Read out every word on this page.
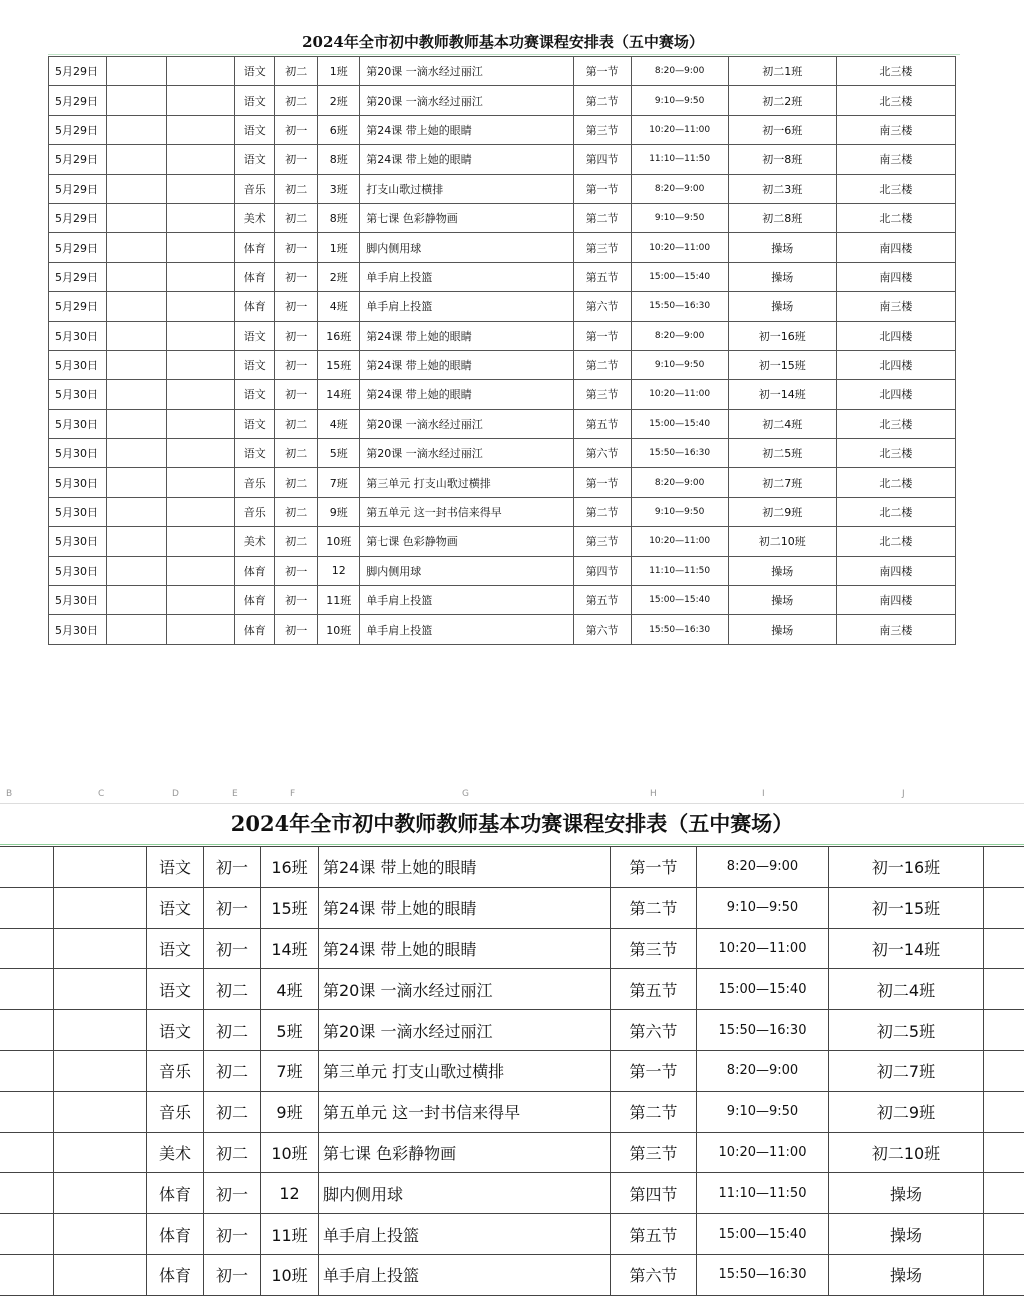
2024年全市初中教师教师基本功赛课程安排表（五中赛场）
5月29日			语文	初二	1班	第20课 一滴水经过丽江	第一节	8:20—9:00	初二1班	北三楼
5月29日			语文	初二	2班	第20课 一滴水经过丽江	第二节	9:10—9:50	初二2班	北三楼
5月29日			语文	初一	6班	第24课 带上她的眼睛	第三节	10:20—11:00	初一6班	南三楼
5月29日			语文	初一	8班	第24课 带上她的眼睛	第四节	11:10—11:50	初一8班	南三楼
5月29日			音乐	初二	3班	打支山歌过横排	第一节	8:20—9:00	初二3班	北三楼
5月29日			美术	初二	8班	第七课 色彩静物画	第二节	9:10—9:50	初二8班	北二楼
5月29日			体育	初一	1班	脚内侧用球	第三节	10:20—11:00	操场	南四楼
5月29日			体育	初一	2班	单手肩上投篮	第五节	15:00—15:40	操场	南四楼
5月29日			体育	初一	4班	单手肩上投篮	第六节	15:50—16:30	操场	南三楼
5月30日			语文	初一	16班	第24课 带上她的眼睛	第一节	8:20—9:00	初一16班	北四楼
5月30日			语文	初一	15班	第24课 带上她的眼睛	第二节	9:10—9:50	初一15班	北四楼
5月30日			语文	初一	14班	第24课 带上她的眼睛	第三节	10:20—11:00	初一14班	北四楼
5月30日			语文	初二	4班	第20课 一滴水经过丽江	第五节	15:00—15:40	初二4班	北三楼
5月30日			语文	初二	5班	第20课 一滴水经过丽江	第六节	15:50—16:30	初二5班	北三楼
5月30日			音乐	初二	7班	第三单元 打支山歌过横排	第一节	8:20—9:00	初二7班	北二楼
5月30日			音乐	初二	9班	第五单元 这一封书信来得早	第二节	9:10—9:50	初二9班	北二楼
5月30日			美术	初二	10班	第七课 色彩静物画	第三节	10:20—11:00	初二10班	北二楼
5月30日			体育	初一	12	脚内侧用球	第四节	11:10—11:50	操场	南四楼
5月30日			体育	初一	11班	单手肩上投篮	第五节	15:00—15:40	操场	南四楼
5月30日			体育	初一	10班	单手肩上投篮	第六节	15:50—16:30	操场	南三楼
B	C	D	E	F	G	H	I	J
2024年全市初中教师教师基本功赛课程安排表（五中赛场）
		语文	初一	16班	第24课 带上她的眼睛	第一节	8:20—9:00	初一16班	
		语文	初一	15班	第24课 带上她的眼睛	第二节	9:10—9:50	初一15班	
		语文	初一	14班	第24课 带上她的眼睛	第三节	10:20—11:00	初一14班	
		语文	初二	4班	第20课 一滴水经过丽江	第五节	15:00—15:40	初二4班	
		语文	初二	5班	第20课 一滴水经过丽江	第六节	15:50—16:30	初二5班	
		音乐	初二	7班	第三单元 打支山歌过横排	第一节	8:20—9:00	初二7班	
		音乐	初二	9班	第五单元 这一封书信来得早	第二节	9:10—9:50	初二9班	
		美术	初二	10班	第七课 色彩静物画	第三节	10:20—11:00	初二10班	
		体育	初一	12	脚内侧用球	第四节	11:10—11:50	操场	
		体育	初一	11班	单手肩上投篮	第五节	15:00—15:40	操场	
		体育	初一	10班	单手肩上投篮	第六节	15:50—16:30	操场	
